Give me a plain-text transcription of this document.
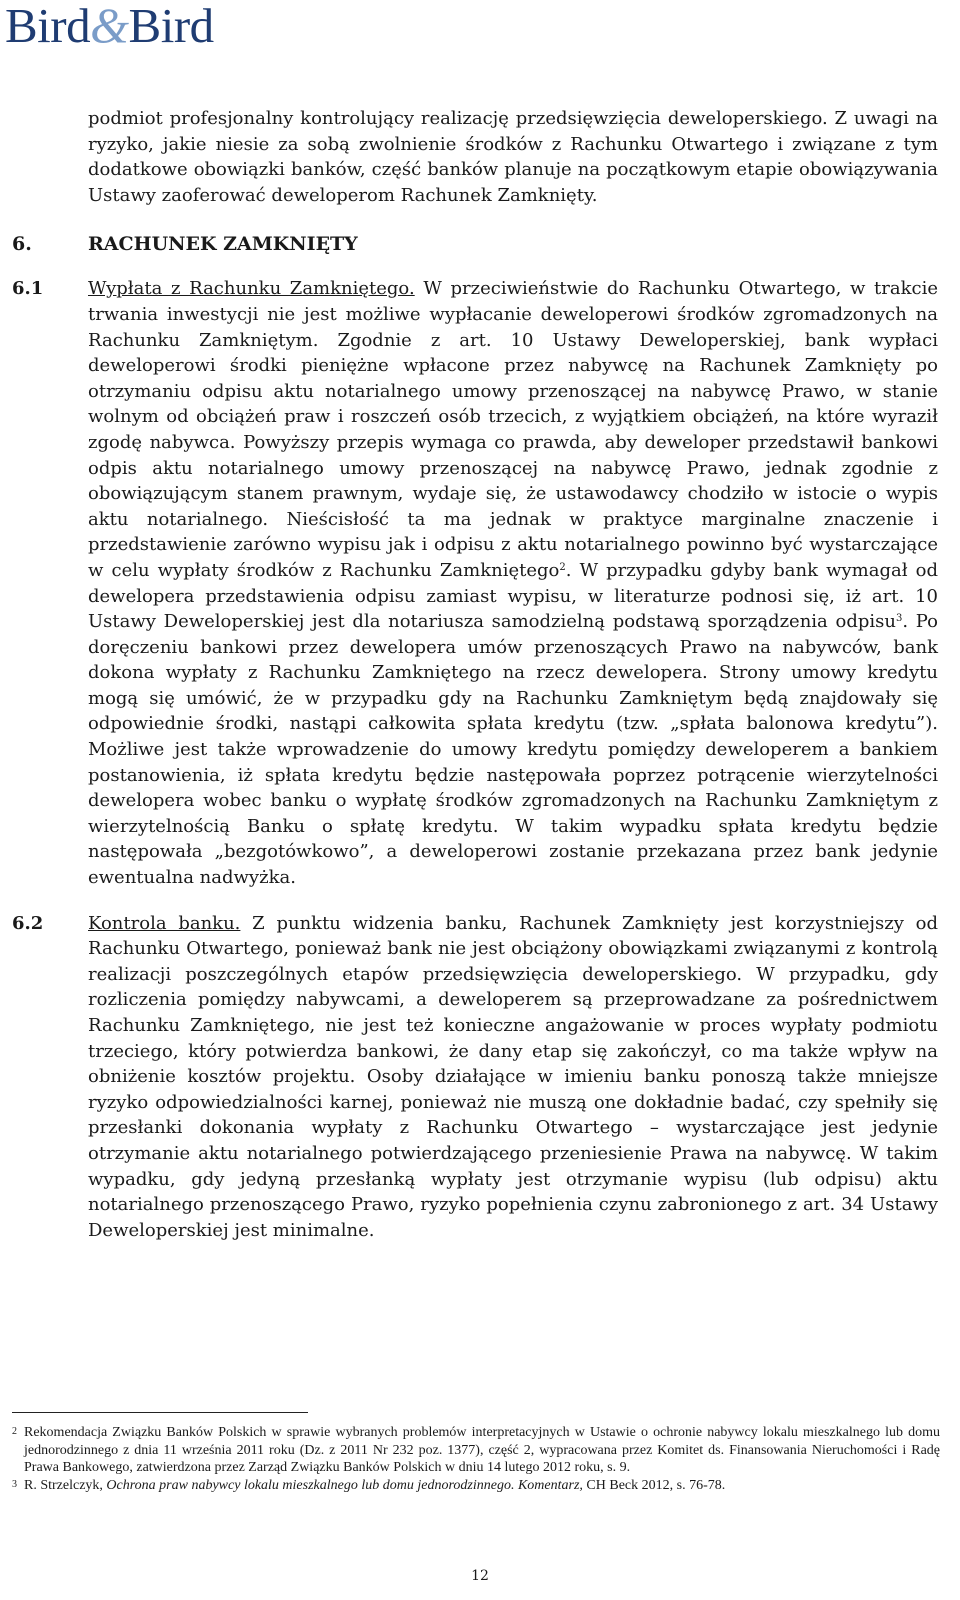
Bird&Bird
podmiot profesjonalny kontrolujący realizację przedsięwzięcia deweloperskiego. Z uwagi na ryzyko, jakie niesie za sobą zwolnienie środków z Rachunku Otwartego i związane z tym dodatkowe obowiązki banków, część banków planuje na początkowym etapie obowiązywania Ustawy zaoferować deweloperom Rachunek Zamknięty.
6.	RACHUNEK ZAMKNIĘTY
6.1 Wypłata z Rachunku Zamkniętego. W przeciwieństwie do Rachunku Otwartego, w trakcie trwania inwestycji nie jest możliwe wypłacanie deweloperowi środków zgromadzonych na Rachunku Zamkniętym. Zgodnie z art. 10 Ustawy Deweloperskiej, bank wypłaci deweloperowi środki pieniężne wpłacone przez nabywcę na Rachunek Zamknięty po otrzymaniu odpisu aktu notarialnego umowy przenoszącej na nabywcę Prawo, w stanie wolnym od obciążeń praw i roszczeń osób trzecich, z wyjątkiem obciążeń, na które wyraził zgodę nabywca. Powyższy przepis wymaga co prawda, aby deweloper przedstawił bankowi odpis aktu notarialnego umowy przenoszącej na nabywcę Prawo, jednak zgodnie z obowiązującym stanem prawnym, wydaje się, że ustawodawcy chodziło w istocie o wypis aktu notarialnego. Nieścisłość ta ma jednak w praktyce marginalne znaczenie i przedstawienie zarówno wypisu jak i odpisu z aktu notarialnego powinno być wystarczające w celu wypłaty środków z Rachunku Zamkniętego$^2$. W przypadku gdyby bank wymagał od dewelopera przedstawienia odpisu zamiast wypisu, w literaturze podnosi się, iż art. 10 Ustawy Deweloperskiej jest dla notariusza samodzielną podstawą sporządzenia odpisu$^3$. Po doręczeniu bankowi przez dewelopera umów przenoszących Prawo na nabywców, bank dokona wypłaty z Rachunku Zamkniętego na rzecz dewelopera. Strony umowy kredytu mogą się umówić, że w przypadku gdy na Rachunku Zamkniętym będą znajdowały się odpowiednie środki, nastąpi całkowita spłata kredytu (tzw. „spłata balonowa kredytu”). Możliwe jest także wprowadzenie do umowy kredytu pomiędzy deweloperem a bankiem postanowienia, iż spłata kredytu będzie następowała poprzez potrącenie wierzytelności dewelopera wobec banku o wypłatę środków zgromadzonych na Rachunku Zamkniętym z wierzytelnością Banku o spłatę kredytu. W takim wypadku spłata kredytu będzie następowała „bezgotówkowo”, a deweloperowi zostanie przekazana przez bank jedynie ewentualna nadwyżka.
6.2 Kontrola banku. Z punktu widzenia banku, Rachunek Zamknięty jest korzystniejszy od Rachunku Otwartego, ponieważ bank nie jest obciążony obowiązkami związanymi z kontrolą realizacji poszczególnych etapów przedsięwzięcia deweloperskiego. W przypadku, gdy rozliczenia pomiędzy nabywcami, a deweloperem są przeprowadzane za pośrednictwem Rachunku Zamkniętego, nie jest też konieczne angażowanie w proces wypłaty podmiotu trzeciego, który potwierdza bankowi, że dany etap się zakończył, co ma także wpływ na obniżenie kosztów projektu. Osoby działające w imieniu banku ponoszą także mniejsze ryzyko odpowiedzialności karnej, ponieważ nie muszą one dokładnie badać, czy spełniły się przesłanki dokonania wypłaty z Rachunku Otwartego – wystarczające jest jedynie otrzymanie aktu notarialnego potwierdzającego przeniesienie Prawa na nabywcę. W takim wypadku, gdy jedyną przesłanką wypłaty jest otrzymanie wypisu (lub odpisu) aktu notarialnego przenoszącego Prawo, ryzyko popełnienia czynu zabronionego z art. 34 Ustawy Deweloperskiej jest minimalne.
2 Rekomendacja Związku Banków Polskich w sprawie wybranych problemów interpretacyjnych w Ustawie o ochronie nabywcy lokalu mieszkalnego lub domu jednorodzinnego z dnia 11 września 2011 roku (Dz. z 2011 Nr 232 poz. 1377), część 2, wypracowana przez Komitet ds. Finansowania Nieruchomości i Radę Prawa Bankowego, zatwierdzona przez Zarząd Związku Banków Polskich w dniu 14 lutego 2012 roku, s. 9.
3 R. Strzelczyk, Ochrona praw nabywcy lokalu mieszkalnego lub domu jednorodzinnego. Komentarz, CH Beck 2012, s. 76-78.
12
